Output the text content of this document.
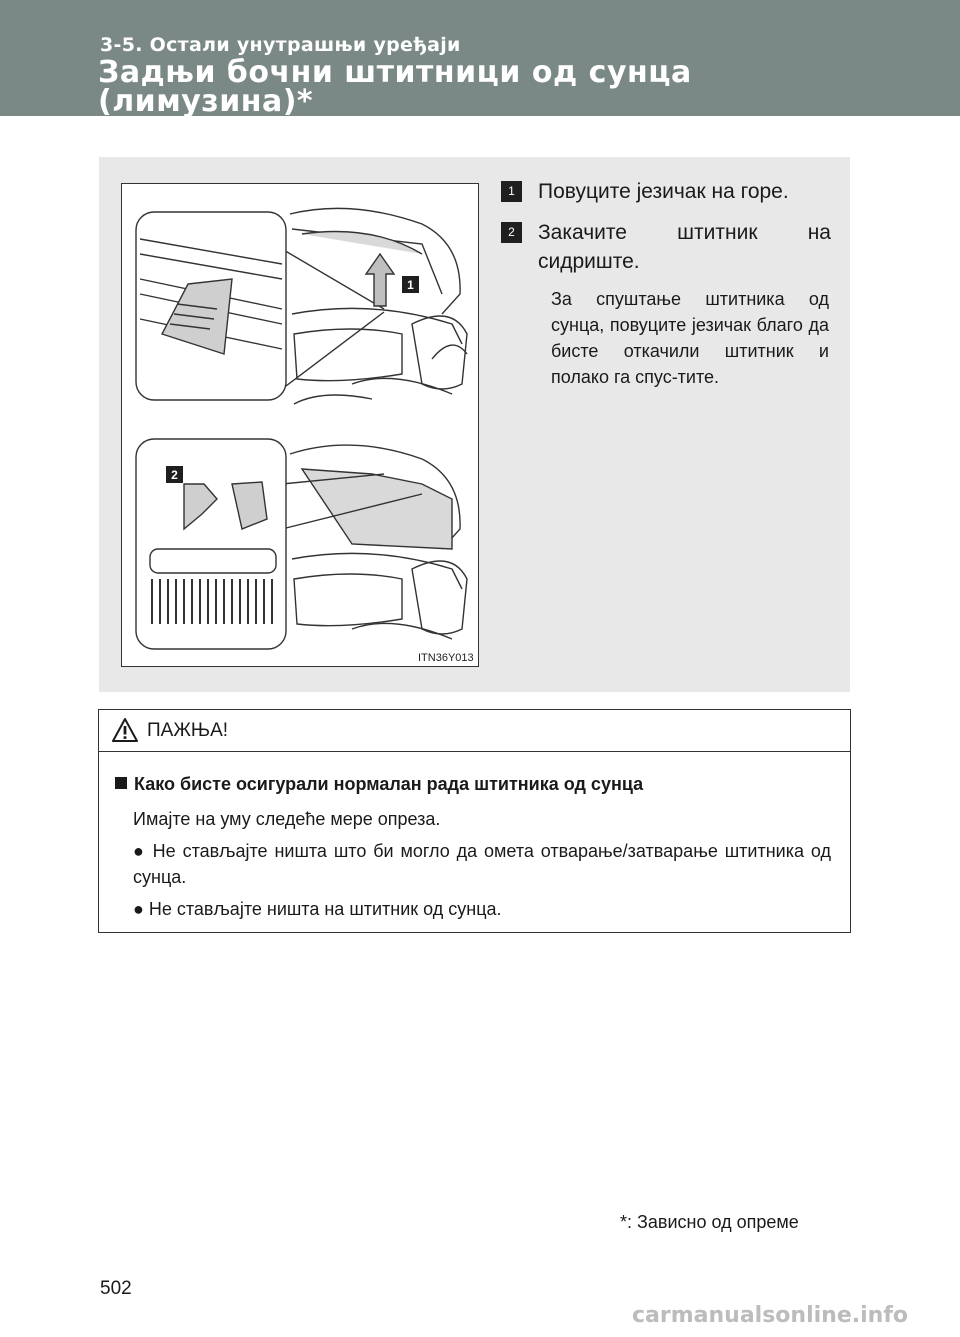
3-5. Остали унутрашњи уређаји
Задњи бочни штитници од сунца
(лимузина)*
1
2
ITN36Y013
1	Повуците језичак на горе.
2	Закачите штитник на сидриште.
За спуштање штитника од сунца, повуците језичак благо да бисте откачили штитник и полако га спус-тите.
ПАЖЊА!
Како бисте осигурали нормалан рада штитника од сунца
Имајте на уму следеће мере опреза.
● Не стављајте ништа што би могло да омета отварање/затварање штитника од сунца.
● Не стављајте ништа на штитник од сунца.
*: Зависно од опреме
502
carmanualsonline.info
